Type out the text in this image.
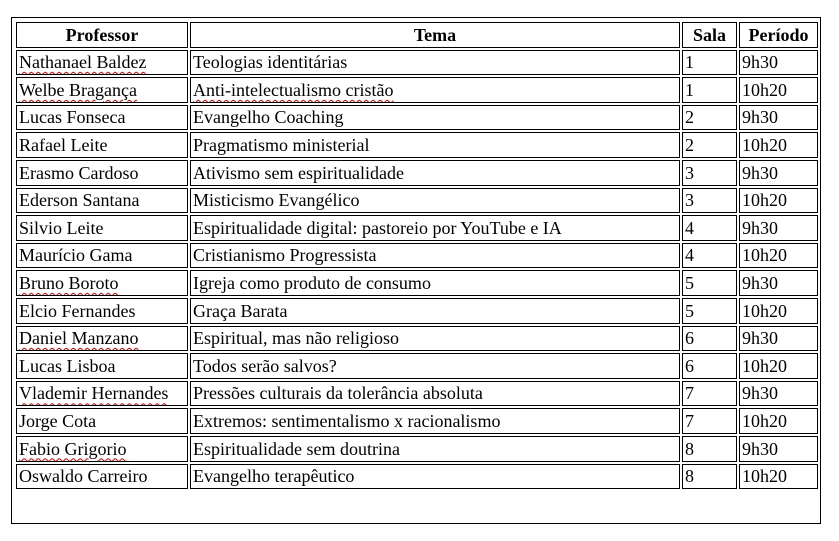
Professor	Tema	Sala	Período
Nathanael Baldez	Teologias identitárias	1	9h30
Welbe Bragança	Anti-intelectualismo cristão	1	10h20
Lucas Fonseca	Evangelho Coaching	2	9h30
Rafael Leite	Pragmatismo ministerial	2	10h20
Erasmo Cardoso	Ativismo sem espiritualidade	3	9h30
Ederson Santana	Misticismo Evangélico	3	10h20
Silvio Leite	Espiritualidade digital: pastoreio por YouTube e IA	4	9h30
Maurício Gama	Cristianismo Progressista	4	10h20
Bruno Boroto	Igreja como produto de consumo	5	9h30
Elcio Fernandes	Graça Barata	5	10h20
Daniel Manzano	Espiritual, mas não religioso	6	9h30
Lucas Lisboa	Todos serão salvos?	6	10h20
Vlademir Hernandes	Pressões culturais da tolerância absoluta	7	9h30
Jorge Cota	Extremos: sentimentalismo x racionalismo	7	10h20
Fabio Grigorio	Espiritualidade sem doutrina	8	9h30
Oswaldo Carreiro	Evangelho terapêutico	8	10h20
